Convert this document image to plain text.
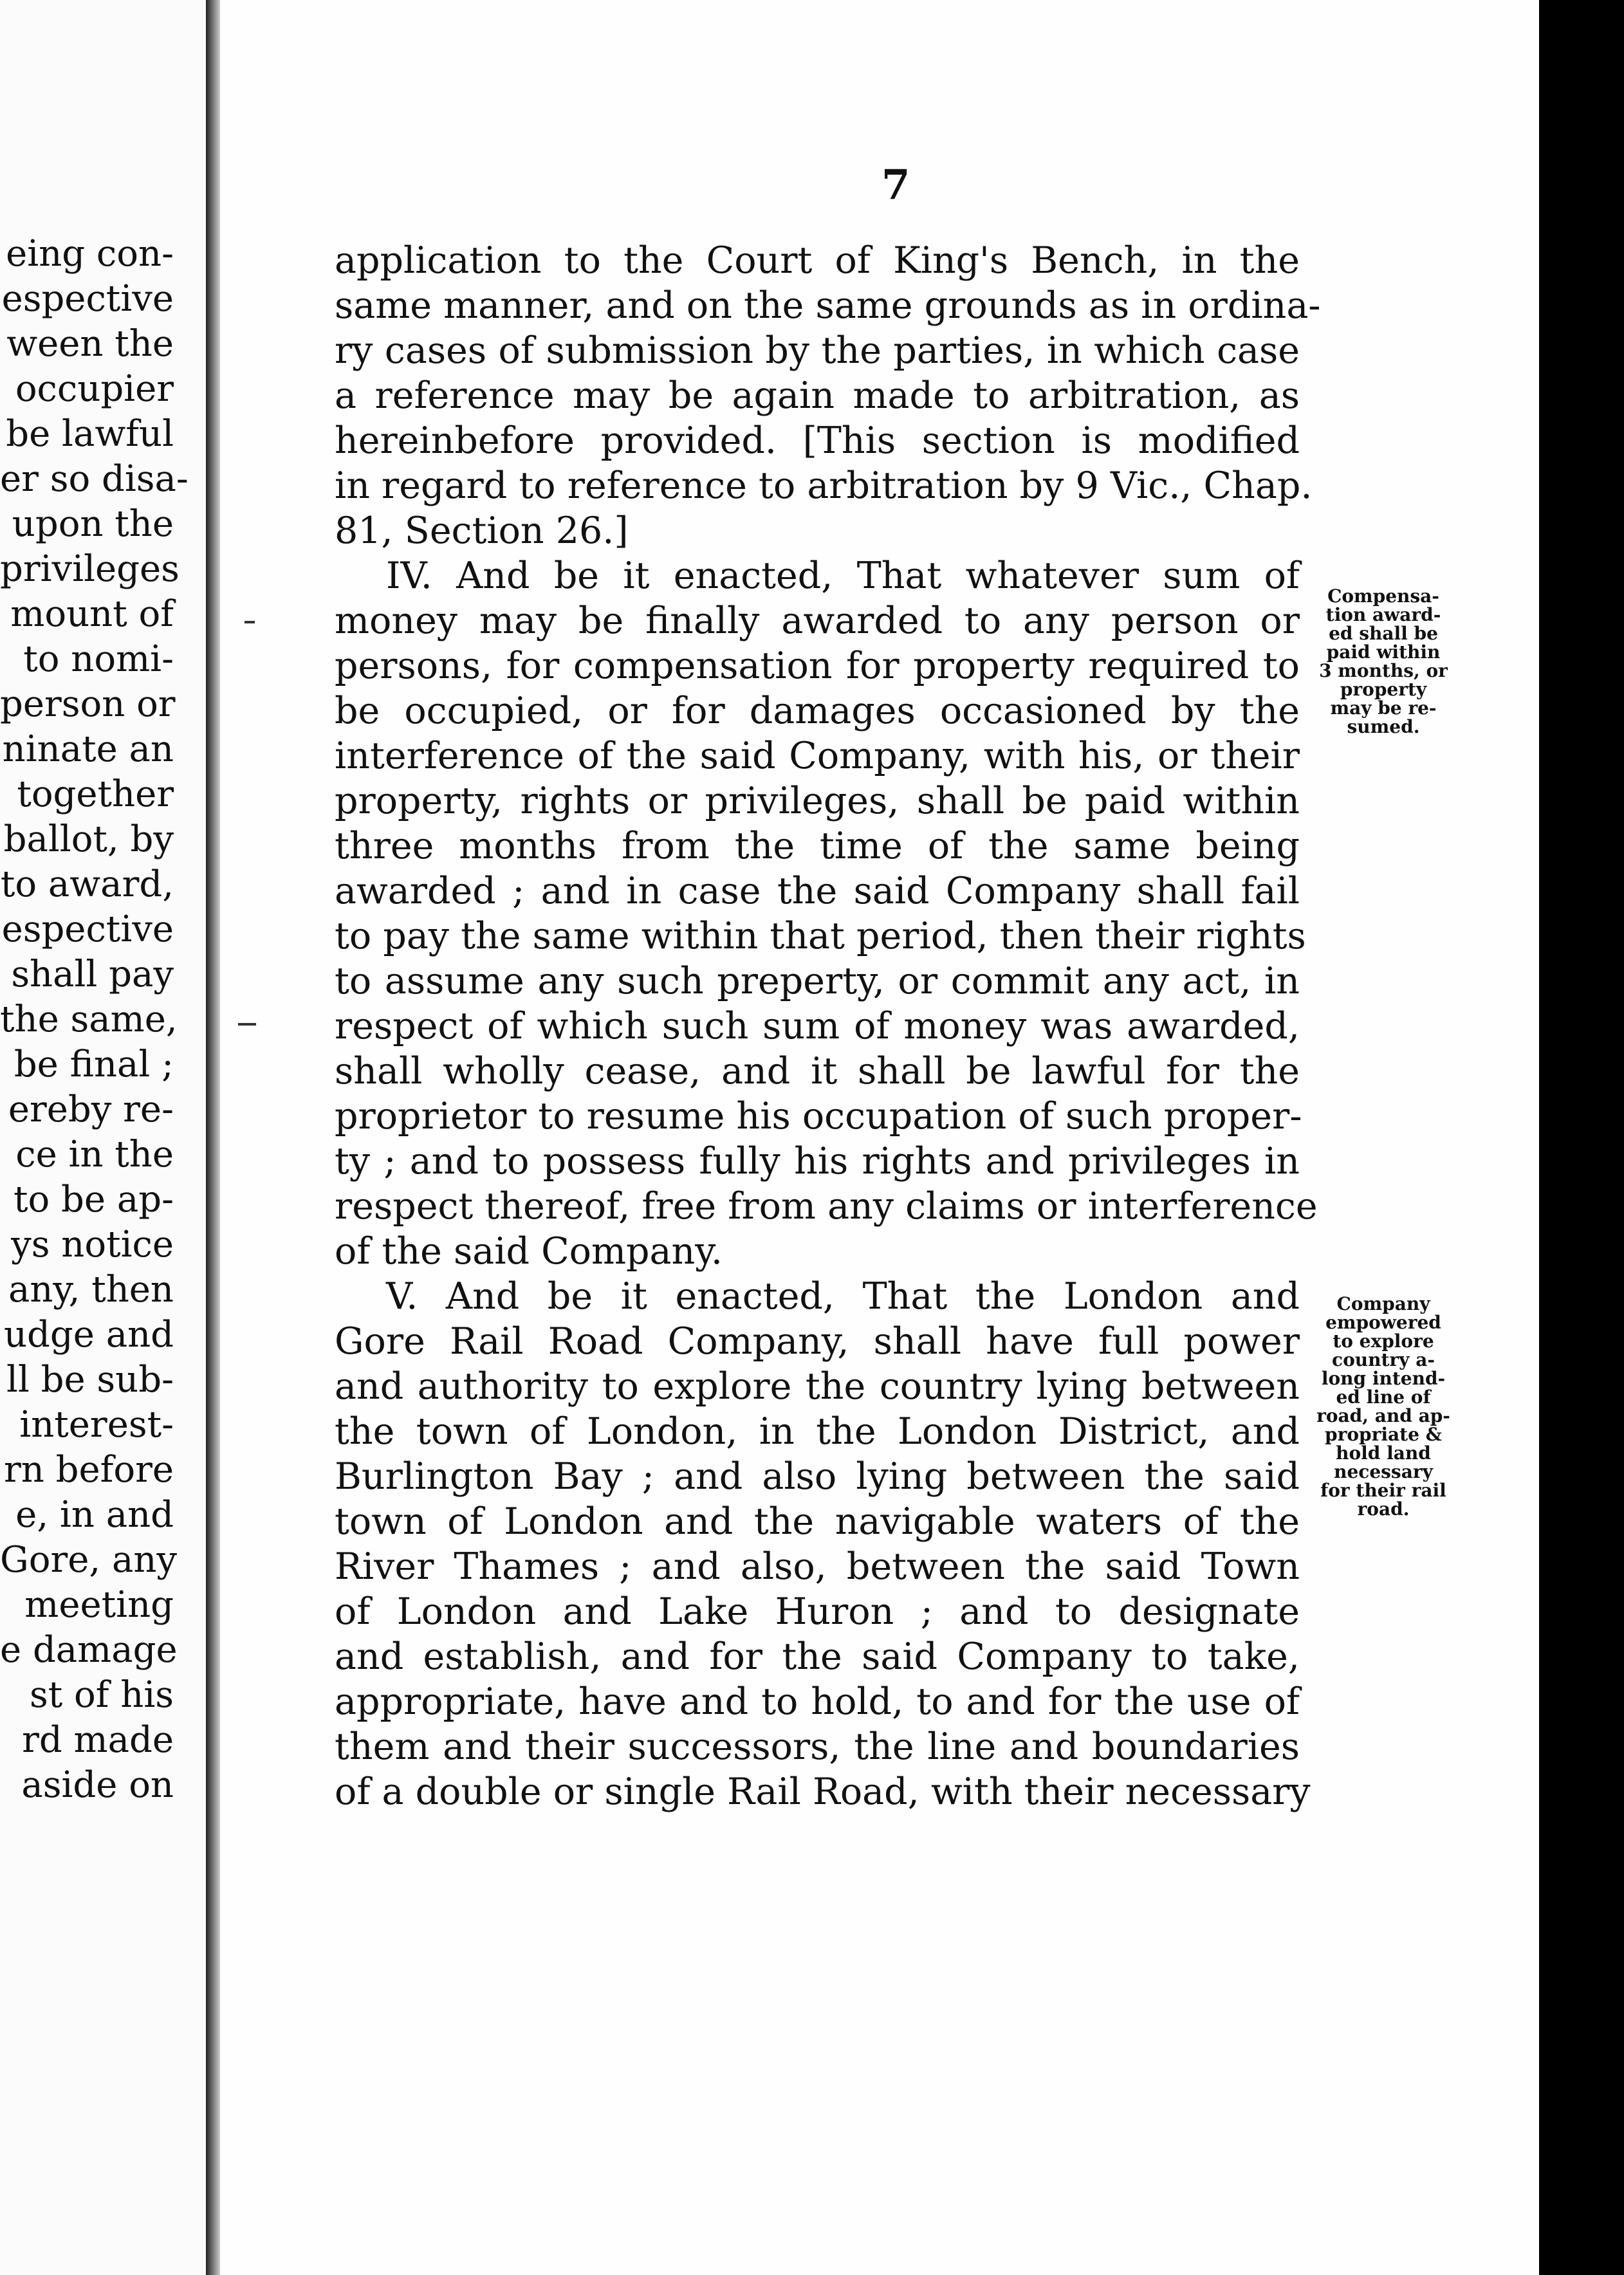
eing con-
espective
ween the
occupier
be lawful
er so disa-
upon the
privileges
mount of
to nomi-
person or
ninate an
together
ballot, by
to award,
espective
shall pay
the same,
be final ;
ereby re-
ce in the
to be ap-
ys notice
any, then
udge and
ll be sub-
interest-
rn before
e, in and
Gore, any
meeting
e damage
st of his
rd made
aside on
7
application to the Court of King's Bench, in the
same manner, and on the same grounds as in ordina-
ry cases of submission by the parties, in which case
a reference may be again made to arbitration, as
hereinbefore provided. [This section is modified
in regard to reference to arbitration by 9 Vic., Chap.
81, Section 26.]
IV. And be it enacted, That whatever sum of
money may be finally awarded to any person or
persons, for compensation for property required to
be occupied, or for damages occasioned by the
interference of the said Company, with his, or their
property, rights or privileges, shall be paid within
three months from the time of the same being
awarded ; and in case the said Company shall fail
to pay the same within that period, then their rights
to assume any such preperty, or commit any act, in
respect of which such sum of money was awarded,
shall wholly cease, and it shall be lawful for the
proprietor to resume his occupation of such proper-
ty ; and to possess fully his rights and privileges in
respect thereof, free from any claims or interference
of the said Company.
V. And be it enacted, That the London and
Gore Rail Road Company, shall have full power
and authority to explore the country lying between
the town of London, in the London District, and
Burlington Bay ; and also lying between the said
town of London and the navigable waters of the
River Thames ; and also, between the said Town
of London and Lake Huron ; and to designate
and establish, and for the said Company to take,
appropriate, have and to hold, to and for the use of
them and their successors, the line and boundaries
of a double or single Rail Road, with their necessary
Compensa-
tion award-
ed shall be
paid within
3 months, or
property
may be re-
sumed.
Company
empowered
to explore
country a-
long intend-
ed line of
road, and ap-
propriate &
hold land
necessary
for their rail
road.
